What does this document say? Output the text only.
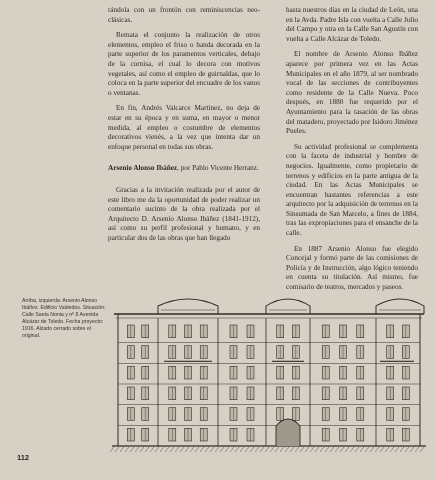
rándola con un frontón con reminiscencias neo-clásicas.

Remata el conjunto la realización de otros elementos, empleo el friso o banda decorada en la parte superior de los paramentos verticales, debajo de la cornisa, el cual lo decora con motivos vegetales, así como el empleo de guirnaldas, que lo coloca en la parte superior del encuadre de los vanos o ventanas.

En fin, Andrés Valcarce Martínez, no deja de estar en su época y en suma, en mayor o menor medida, al empleo o costumbre de elementos decorativos vienés, a la vez que intenta dar un enfoque personal en todas sus obras.

Arsenio Alonso Ibáñez, por Pablo Vicente Herranz.

Gracias a la invitación realizada por el autor de este libro me da la oportunidad de poder realizar un comentario sucinto de la obra realizada por el Arquitecto D. Arsenio Alonso Ibáñez (1841-1912), así como su perfil profesional y humano, y en particular dos de las obras que han llegado

hasta nuestros días en la ciudad de León, una en la Avda. Padre Isla con vuelta a Calle Julio del Campo y otra en la Calle San Agustín con vuelta a Calle Alcázar de Toledo.

El nombre de Arsenio Alonso Ibáñez aparece por primera vez en las Actas Municipales en el año 1879, al ser nombrado vocal de las secciones de contribuyentes como residente de la Calle Nueva. Poco después, en 1880 fue requerido por el Ayuntamiento para la tasación de las obras del matadero, proyectado por Isidoro Jiménez Pueles.

Su actividad profesional se complementa con la faceta de industrial y hombre de negocios. Igualmente, como propietario de terrenos y edificios en la parte antigua de la ciudad. En las Actas Municipales se encuentran bastantes referencias a este arquitecto por la adquisición de terrenos en la Sinsumada de San Marcelo, a fines de 1884, tras las expropiaciones para el ensanche de la calle.

En 1887 Arsenio Alonso fue elegido Concejal y formó parte de las comisiones de Policía y de Instrucción, algo lógico teniendo en cuenta su titulación. Así mismo, fue comisario de teatros, mercados y paseos.

Arriba, izquierda: Arsenio Alonso Ibáñez. Edificio Valdedos. Situación: Calle Santa Nonia y nº 8 Avenida Alcázar de Toledo. Fecha proyecto: 1916. Alzado cerrado sobre el original.
112
